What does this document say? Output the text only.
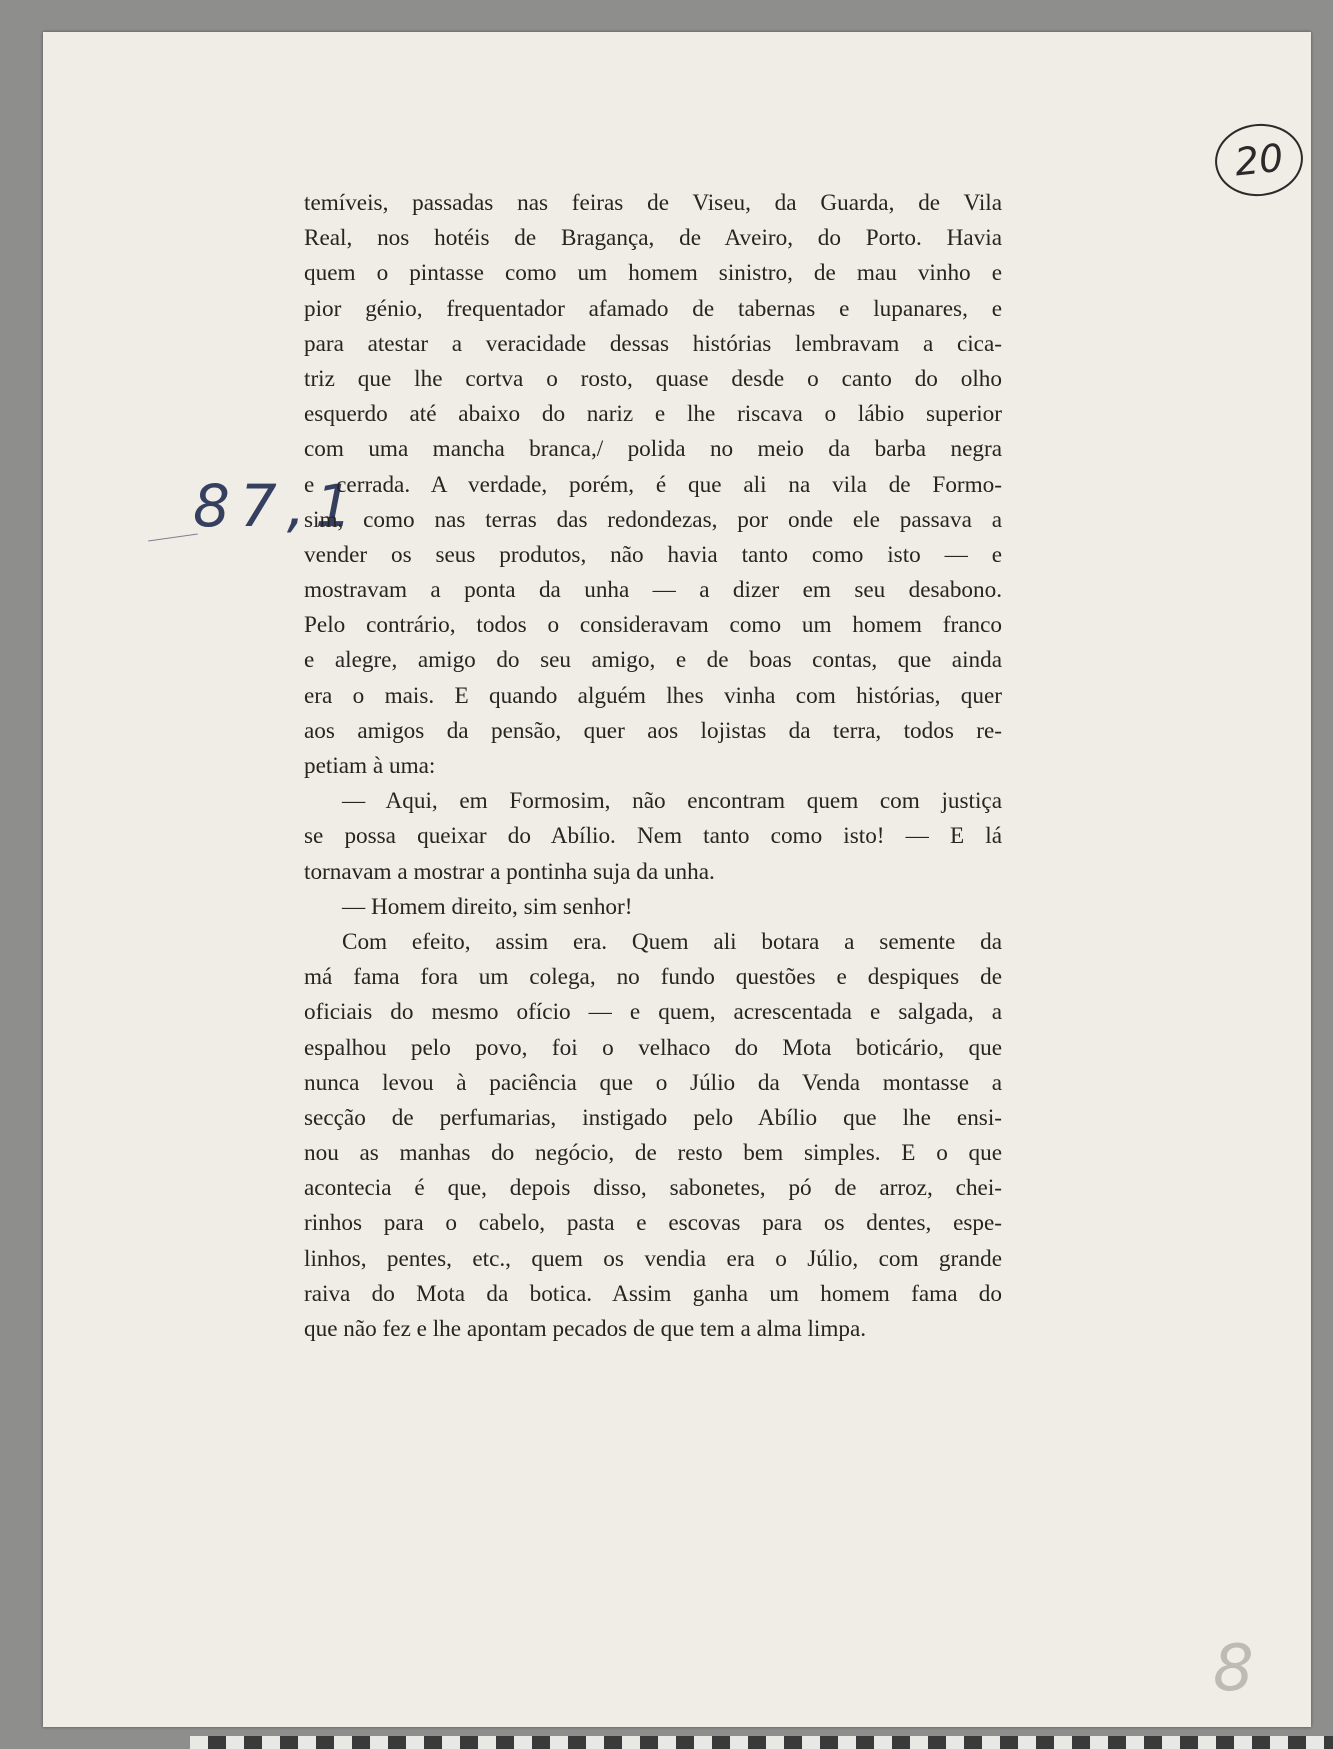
20
87,1
8
temíveis, passadas nas feiras de Viseu, da Guarda, de Vila
Real, nos hotéis de Bragança, de Aveiro, do Porto. Havia
quem o pintasse como um homem sinistro, de mau vinho e
pior génio, frequentador afamado de tabernas e lupanares, e
para atestar a veracidade dessas histórias lembravam a cica-
triz que lhe cortva o rosto, quase desde o canto do olho
esquerdo até abaixo do nariz e lhe riscava o lábio superior
com uma mancha branca,/ polida no meio da barba negra
e cerrada. A verdade, porém, é que ali na vila de Formo-
sim, como nas terras das redondezas, por onde ele passava a
vender os seus produtos, não havia tanto como isto — e
mostravam a ponta da unha — a dizer em seu desabono.
Pelo contrário, todos o consideravam como um homem franco
e alegre, amigo do seu amigo, e de boas contas, que ainda
era o mais. E quando alguém lhes vinha com histórias, quer
aos amigos da pensão, quer aos lojistas da terra, todos re-
petiam à uma:
— Aqui, em Formosim, não encontram quem com justiça
se possa queixar do Abílio. Nem tanto como isto! — E lá
tornavam a mostrar a pontinha suja da unha.
— Homem direito, sim senhor!
Com efeito, assim era. Quem ali botara a semente da
má fama fora um colega, no fundo questões e despiques de
oficiais do mesmo ofício — e quem, acrescentada e salgada, a
espalhou pelo povo, foi o velhaco do Mota boticário, que
nunca levou à paciência que o Júlio da Venda montasse a
secção de perfumarias, instigado pelo Abílio que lhe ensi-
nou as manhas do negócio, de resto bem simples. E o que
acontecia é que, depois disso, sabonetes, pó de arroz, chei-
rinhos para o cabelo, pasta e escovas para os dentes, espe-
linhos, pentes, etc., quem os vendia era o Júlio, com grande
raiva do Mota da botica. Assim ganha um homem fama do
que não fez e lhe apontam pecados de que tem a alma limpa.
